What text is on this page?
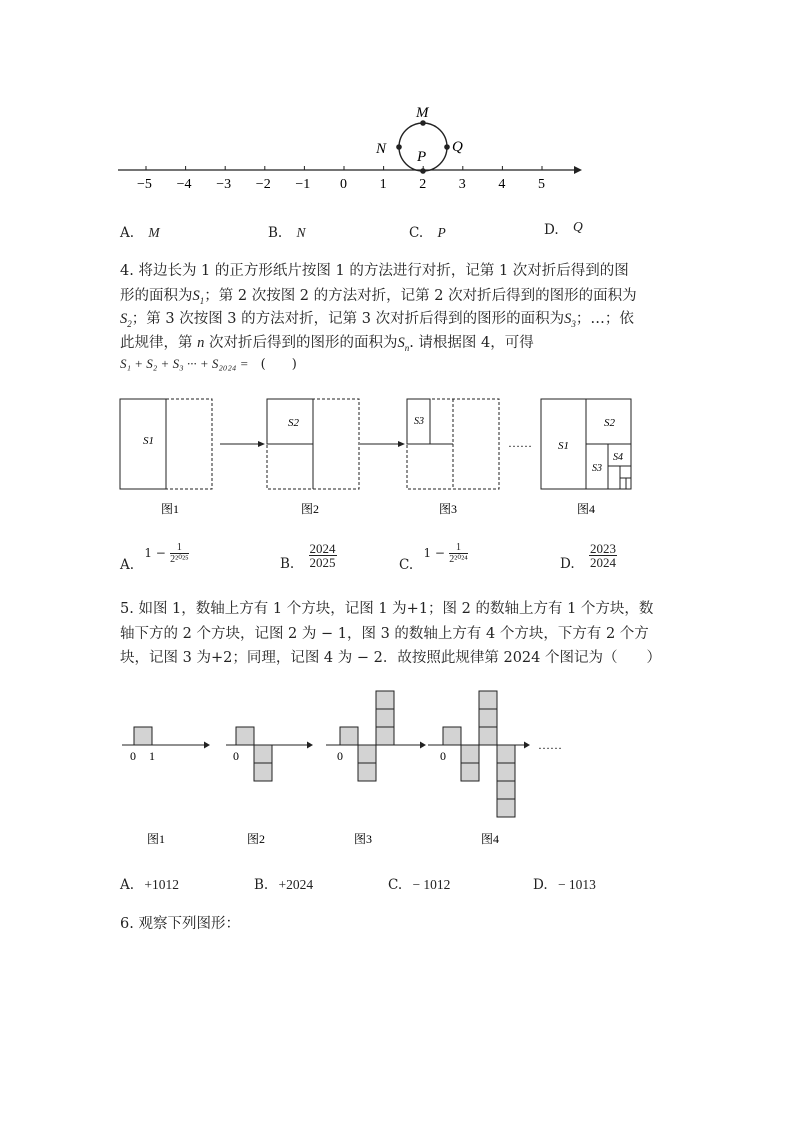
−5 −4 −3 −2 −1 0 1 2 3 4 5
M
N	Q
P
A. M	B. N	C. P	D. Q
4. 将边长为 1 的正方形纸片按图 1 的方法进行对折，记第 1 次对折后得到的图
形的面积为$S_1$；第 2 次按图 2 的方法对折，记第 2 次对折后得到的图形的面积为
$S_2$；第 3 次按图 3 的方法对折，记第 3 次对折后得到的图形的面积为$S_3$；…；依
此规律，第 n 次对折后得到的图形的面积为$S_n$. 请根据图 4，可得
S₁ + S₂ + S₃ ··· + S₂₀₂₄ = (　　)
S1
S2	S3
…… S1
S2
S3
S4
图1	图2	图3	图4
A. $1 - \frac{1}{\text{2²⁰²⁵}}$	B. $\frac{2024}{2025}$	C. $1 - \frac{1}{\text{2²⁰²⁴}}$	D. $\frac{2023}{2024}$
5. 如图 1，数轴上方有 1 个方块，记图 1 为+1；图 2 的数轴上方有 1 个方块，数
轴下方的 2 个方块，记图 2 为 − 1，图 3 的数轴上方有 4 个方块，下方有 2 个方
块，记图 3 为+2；同理，记图 4 为 − 2．故按照此规律第 2024 个图记为（　　）
0 1	0	0	0
……
图1	图2	图3	图4
A. +1012	B. +2024	C. − 1012	D. − 1013
6. 观察下列图形：
